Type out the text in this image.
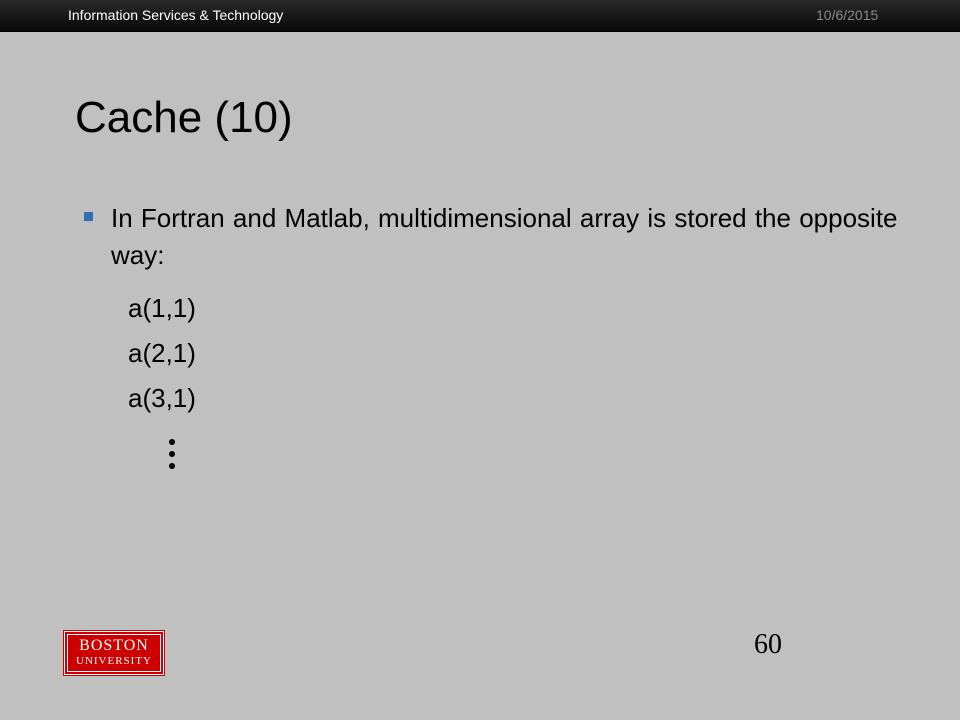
Information Services & Technology	10/6/2015
Cache (10)
In Fortran and Matlab, multidimensional array is stored the opposite way:
a(1,1)
a(2,1)
a(3,1)
BOSTON
UNIVERSITY
60
